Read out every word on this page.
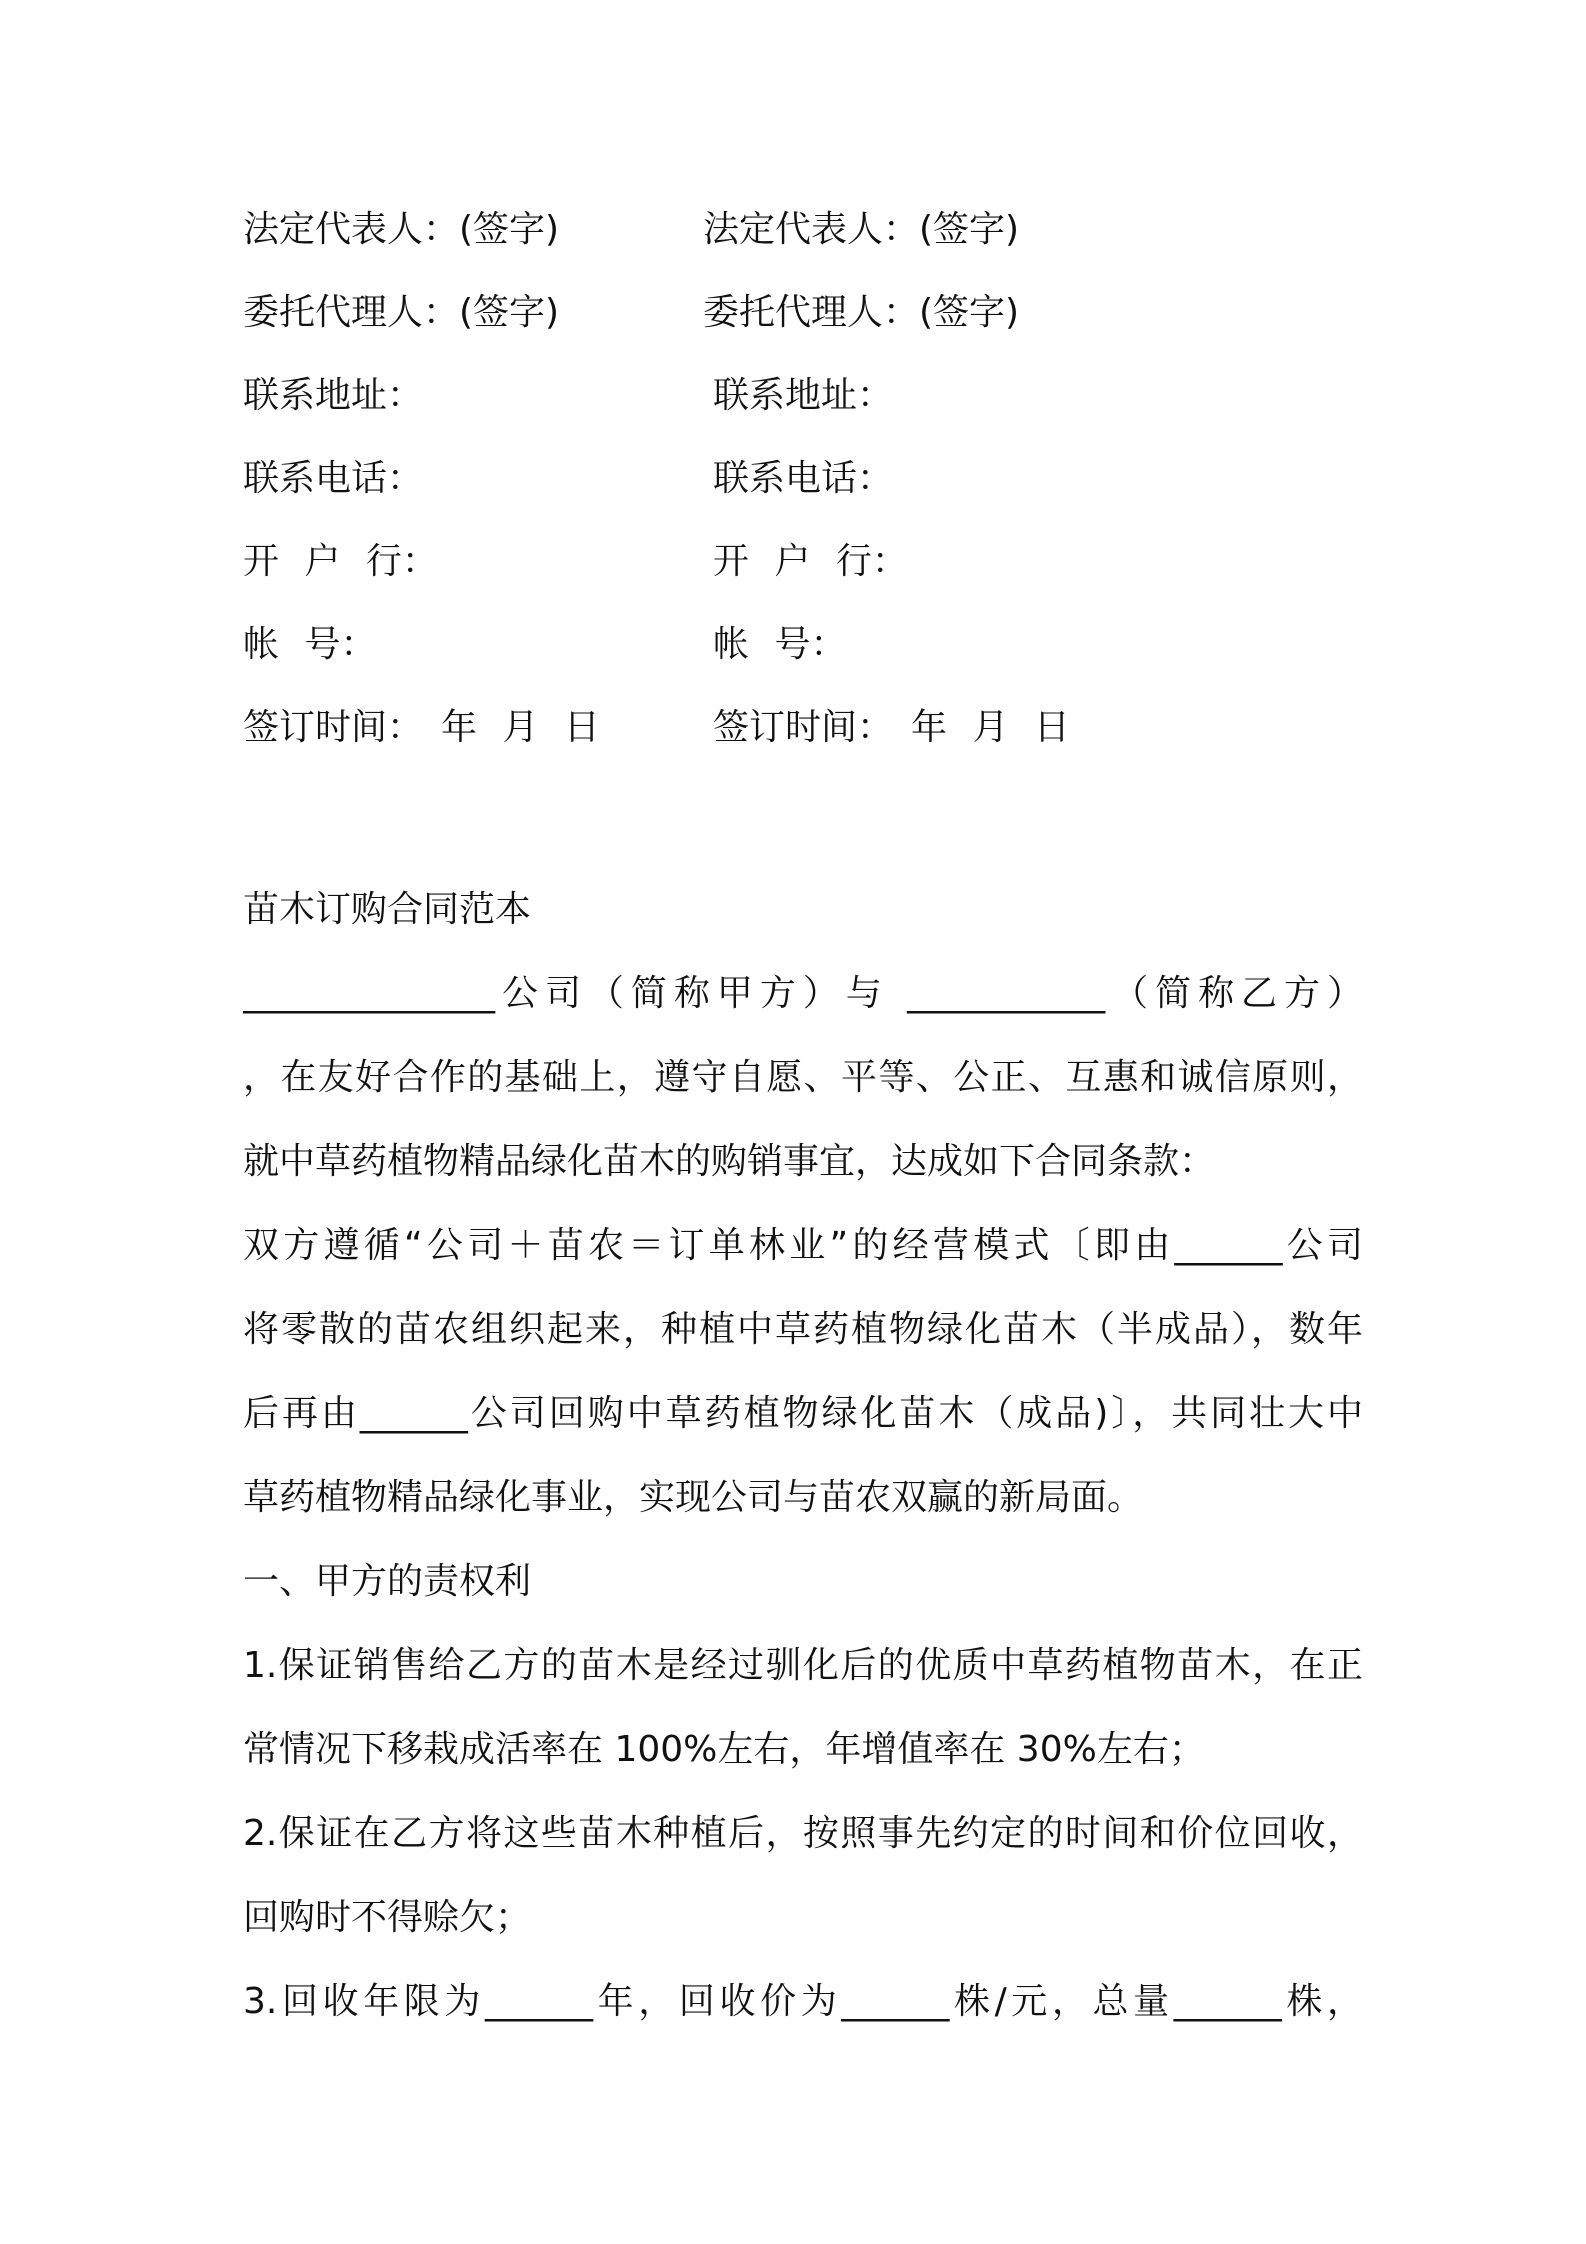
法定代表人：(签字)	法定代表人：(签字)
委托代理人：(签字)	委托代理人：(签字)
联系地址：	联系地址：
联系电话：	联系电话：
开 户 行：	开 户 行：
帐 号：	帐 号：
签订时间：　年 月 日	签订时间：　年 月 日
苗木订购合同范本
______________公司（简称甲方）与 ___________（简称乙方）
，在友好合作的基础上，遵守自愿、平等、公正、互惠和诚信原则，
就中草药植物精品绿化苗木的购销事宜，达成如下合同条款：
双方遵循“公司＋苗农＝订单林业”的经营模式〔即由______公司
将零散的苗农组织起来，种植中草药植物绿化苗木（半成品），数年
后再由______公司回购中草药植物绿化苗木（成品)〕，共同壮大中
草药植物精品绿化事业，实现公司与苗农双赢的新局面。
一、甲方的责权利
1.保证销售给乙方的苗木是经过驯化后的优质中草药植物苗木，在正
常情况下移栽成活率在 100%左右，年增值率在 30%左右；
2.保证在乙方将这些苗木种植后，按照事先约定的时间和价位回收，
回购时不得赊欠；
3.回收年限为______年，回收价为______株/元，总量______株，
